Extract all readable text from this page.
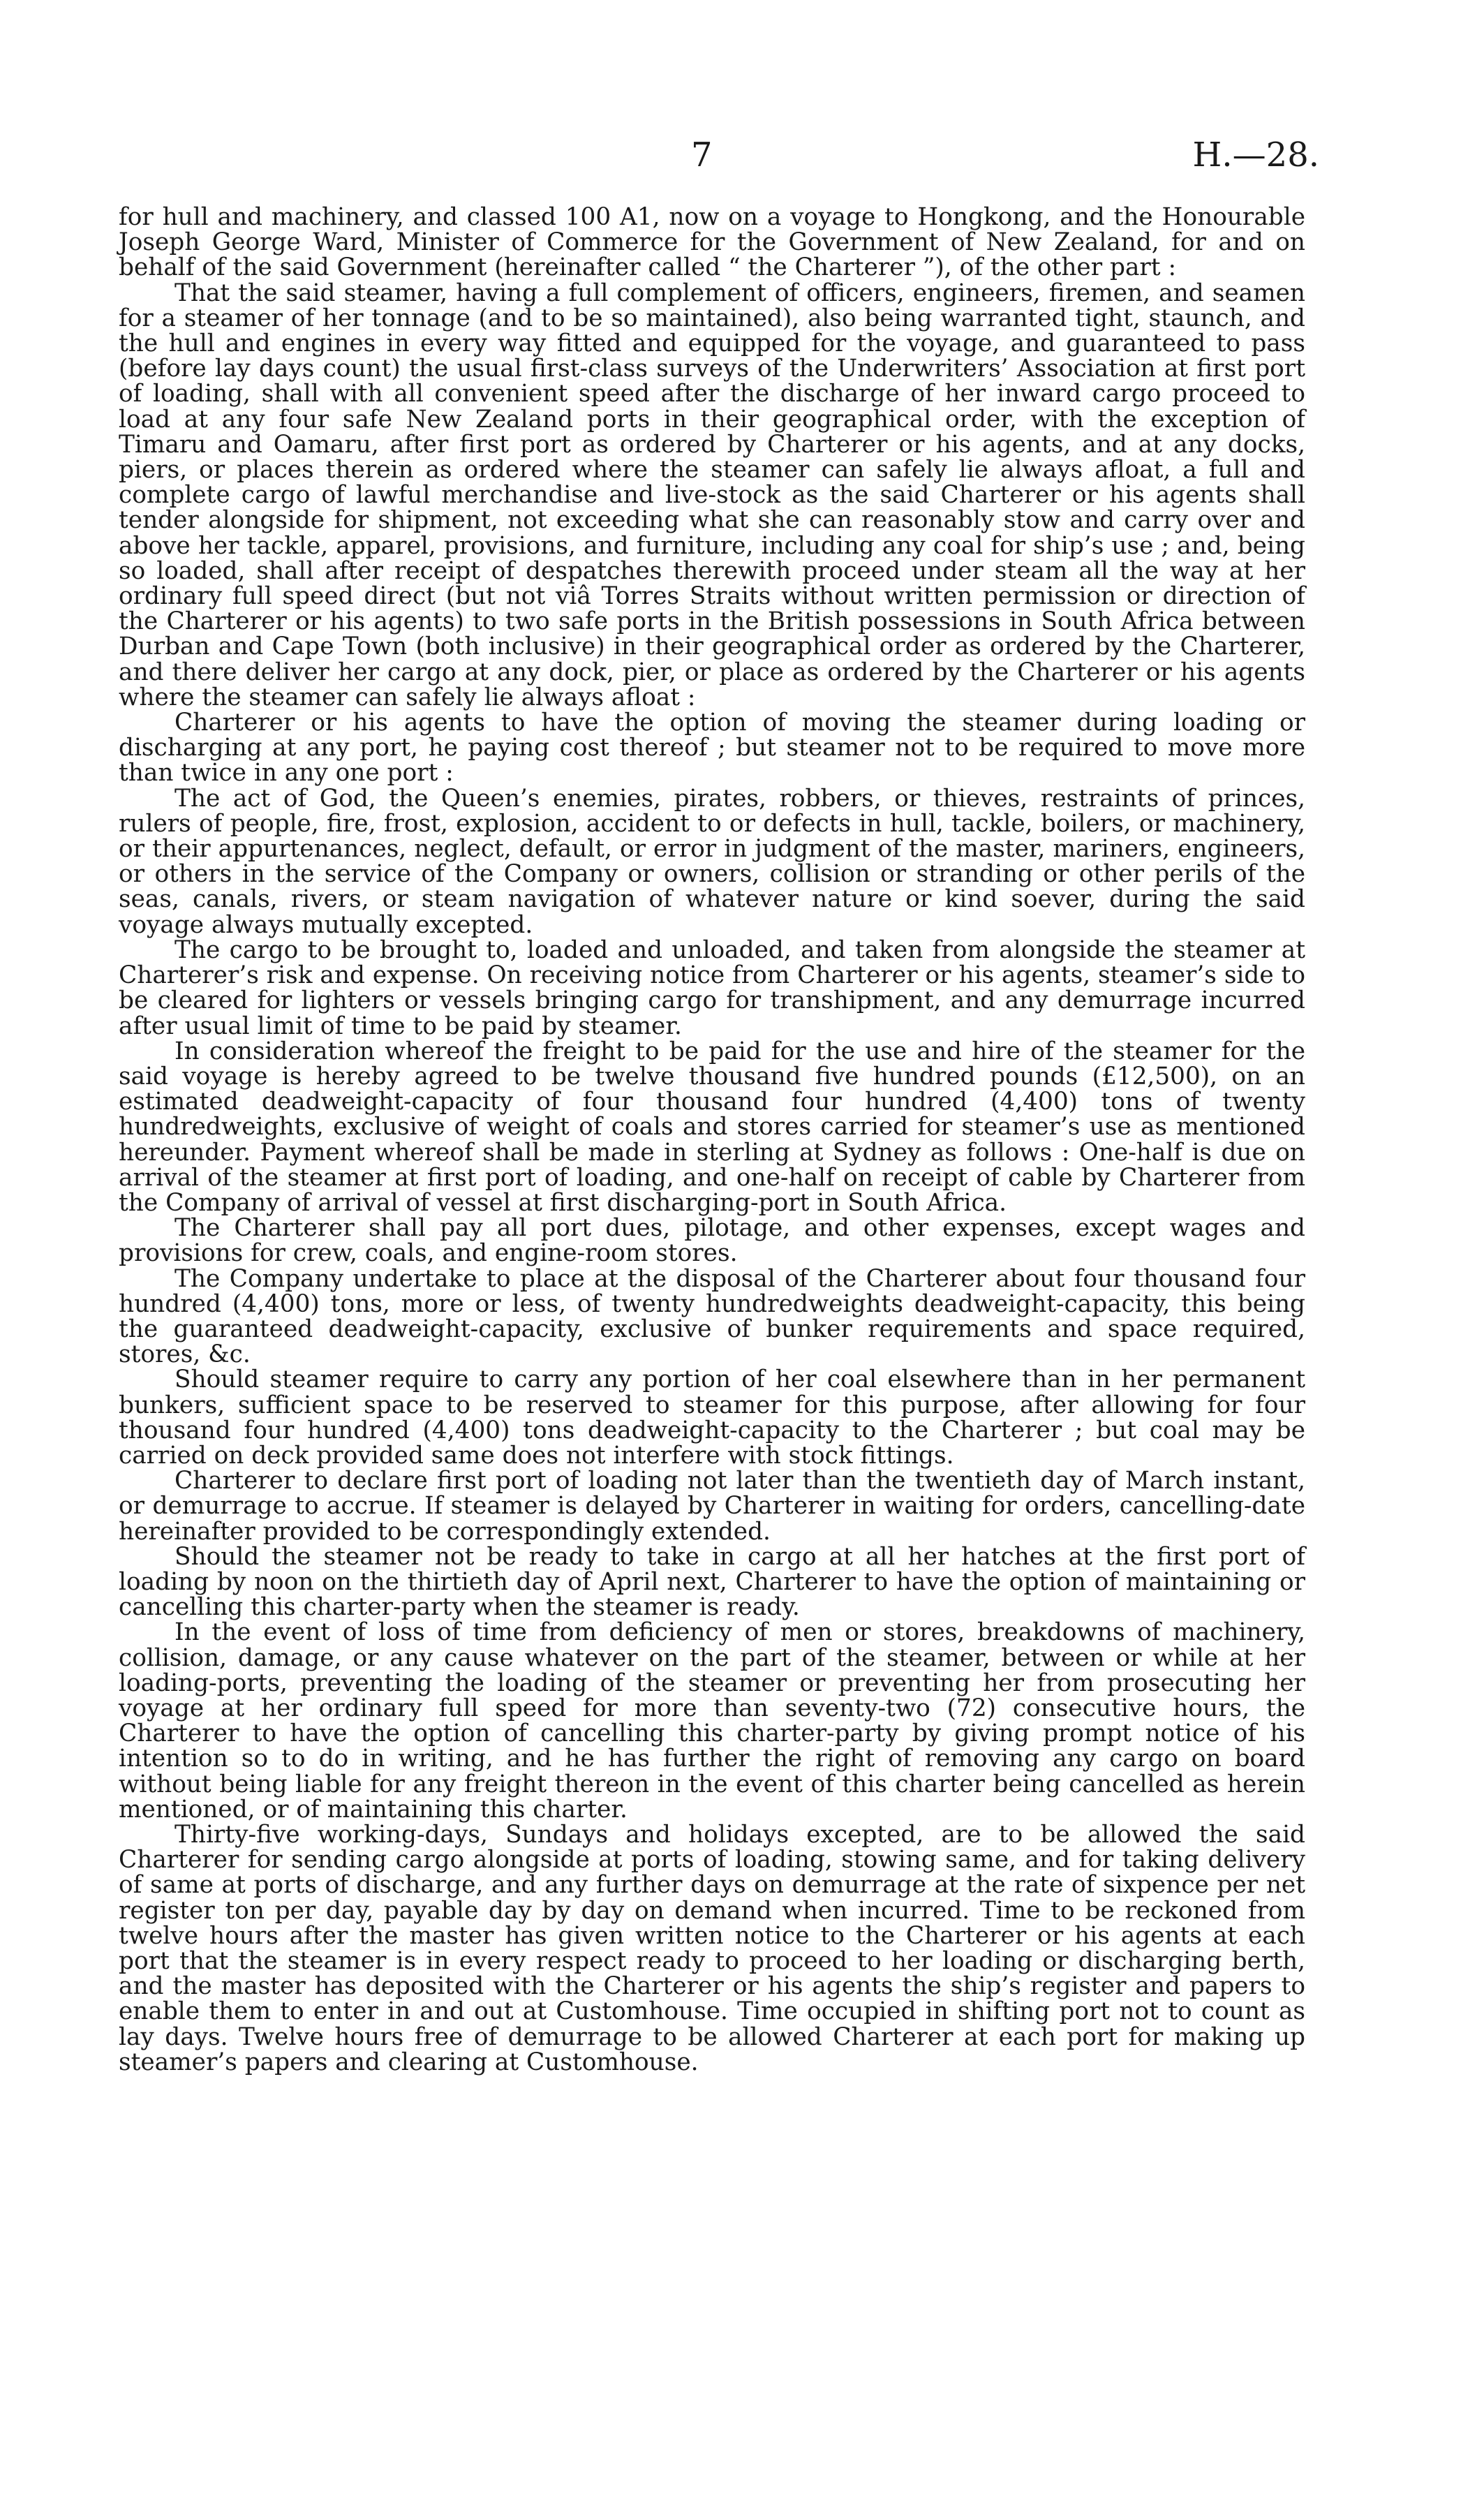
7	H.—28.

for hull and machinery, and classed 100 A1, now on a voyage to Hongkong, and the Honourable Joseph George Ward, Minister of Commerce for the Government of New Zealand, for and on behalf of the said Government (hereinafter called “ the Charterer ”), of the other part :

That the said steamer, having a full complement of officers, engineers, firemen, and seamen for a steamer of her tonnage (and to be so maintained), also being warranted tight, staunch, and the hull and engines in every way fitted and equipped for the voyage, and guaranteed to pass (before lay days count) the usual first-class surveys of the Underwriters’ Association at first port of loading, shall with all convenient speed after the discharge of her inward cargo proceed to load at any four safe New Zealand ports in their geographical order, with the exception of Timaru and Oamaru, after first port as ordered by Charterer or his agents, and at any docks, piers, or places therein as ordered where the steamer can safely lie always afloat, a full and complete cargo of lawful merchandise and live-stock as the said Charterer or his agents shall tender alongside for shipment, not exceeding what she can reasonably stow and carry over and above her tackle, apparel, provisions, and furniture, including any coal for ship’s use ; and, being so loaded, shall after receipt of despatches therewith proceed under steam all the way at her ordinary full speed direct (but not viâ Torres Straits without written permission or direction of the Charterer or his agents) to two safe ports in the British possessions in South Africa between Durban and Cape Town (both inclusive) in their geographical order as ordered by the Charterer, and there deliver her cargo at any dock, pier, or place as ordered by the Charterer or his agents where the steamer can safely lie always afloat :

Charterer or his agents to have the option of moving the steamer during loading or discharging at any port, he paying cost thereof ; but steamer not to be required to move more than twice in any one port :

The act of God, the Queen’s enemies, pirates, robbers, or thieves, restraints of princes, rulers of people, fire, frost, explosion, accident to or defects in hull, tackle, boilers, or machinery, or their appurtenances, neglect, default, or error in judgment of the master, mariners, engineers, or others in the service of the Company or owners, collision or stranding or other perils of the seas, canals, rivers, or steam navigation of whatever nature or kind soever, during the said voyage always mutually excepted.

The cargo to be brought to, loaded and unloaded, and taken from alongside the steamer at Charterer’s risk and expense. On receiving notice from Charterer or his agents, steamer’s side to be cleared for lighters or vessels bringing cargo for transhipment, and any demurrage incurred after usual limit of time to be paid by steamer.

In consideration whereof the freight to be paid for the use and hire of the steamer for the said voyage is hereby agreed to be twelve thousand five hundred pounds (£12,500), on an estimated deadweight-capacity of four thousand four hundred (4,400) tons of twenty hundredweights, exclusive of weight of coals and stores carried for steamer’s use as mentioned hereunder. Payment whereof shall be made in sterling at Sydney as follows : One-half is due on arrival of the steamer at first port of loading, and one-half on receipt of cable by Charterer from the Company of arrival of vessel at first discharging-port in South Africa.

The Charterer shall pay all port dues, pilotage, and other expenses, except wages and provisions for crew, coals, and engine-room stores.

The Company undertake to place at the disposal of the Charterer about four thousand four hundred (4,400) tons, more or less, of twenty hundredweights deadweight-capacity, this being the guaranteed deadweight-capacity, exclusive of bunker requirements and space required, stores, &c.

Should steamer require to carry any portion of her coal elsewhere than in her permanent bunkers, sufficient space to be reserved to steamer for this purpose, after allowing for four thousand four hundred (4,400) tons deadweight-capacity to the Charterer ; but coal may be carried on deck provided same does not interfere with stock fittings.

Charterer to declare first port of loading not later than the twentieth day of March instant, or demurrage to accrue. If steamer is delayed by Charterer in waiting for orders, cancelling-date hereinafter provided to be correspondingly extended.

Should the steamer not be ready to take in cargo at all her hatches at the first port of loading by noon on the thirtieth day of April next, Charterer to have the option of maintaining or cancelling this charter-party when the steamer is ready.

In the event of loss of time from deficiency of men or stores, breakdowns of machinery, collision, damage, or any cause whatever on the part of the steamer, between or while at her loading-ports, preventing the loading of the steamer or preventing her from prosecuting her voyage at her ordinary full speed for more than seventy-two (72) consecutive hours, the Charterer to have the option of cancelling this charter-party by giving prompt notice of his intention so to do in writing, and he has further the right of removing any cargo on board without being liable for any freight thereon in the event of this charter being cancelled as herein mentioned, or of maintaining this charter.

Thirty-five working-days, Sundays and holidays excepted, are to be allowed the said Charterer for sending cargo alongside at ports of loading, stowing same, and for taking delivery of same at ports of discharge, and any further days on demurrage at the rate of sixpence per net register ton per day, payable day by day on demand when incurred. Time to be reckoned from twelve hours after the master has given written notice to the Charterer or his agents at each port that the steamer is in every respect ready to proceed to her loading or discharging berth, and the master has deposited with the Charterer or his agents the ship’s register and papers to enable them to enter in and out at Customhouse. Time occupied in shifting port not to count as lay days. Twelve hours free of demurrage to be allowed Charterer at each port for making up steamer’s papers and clearing at Customhouse.
